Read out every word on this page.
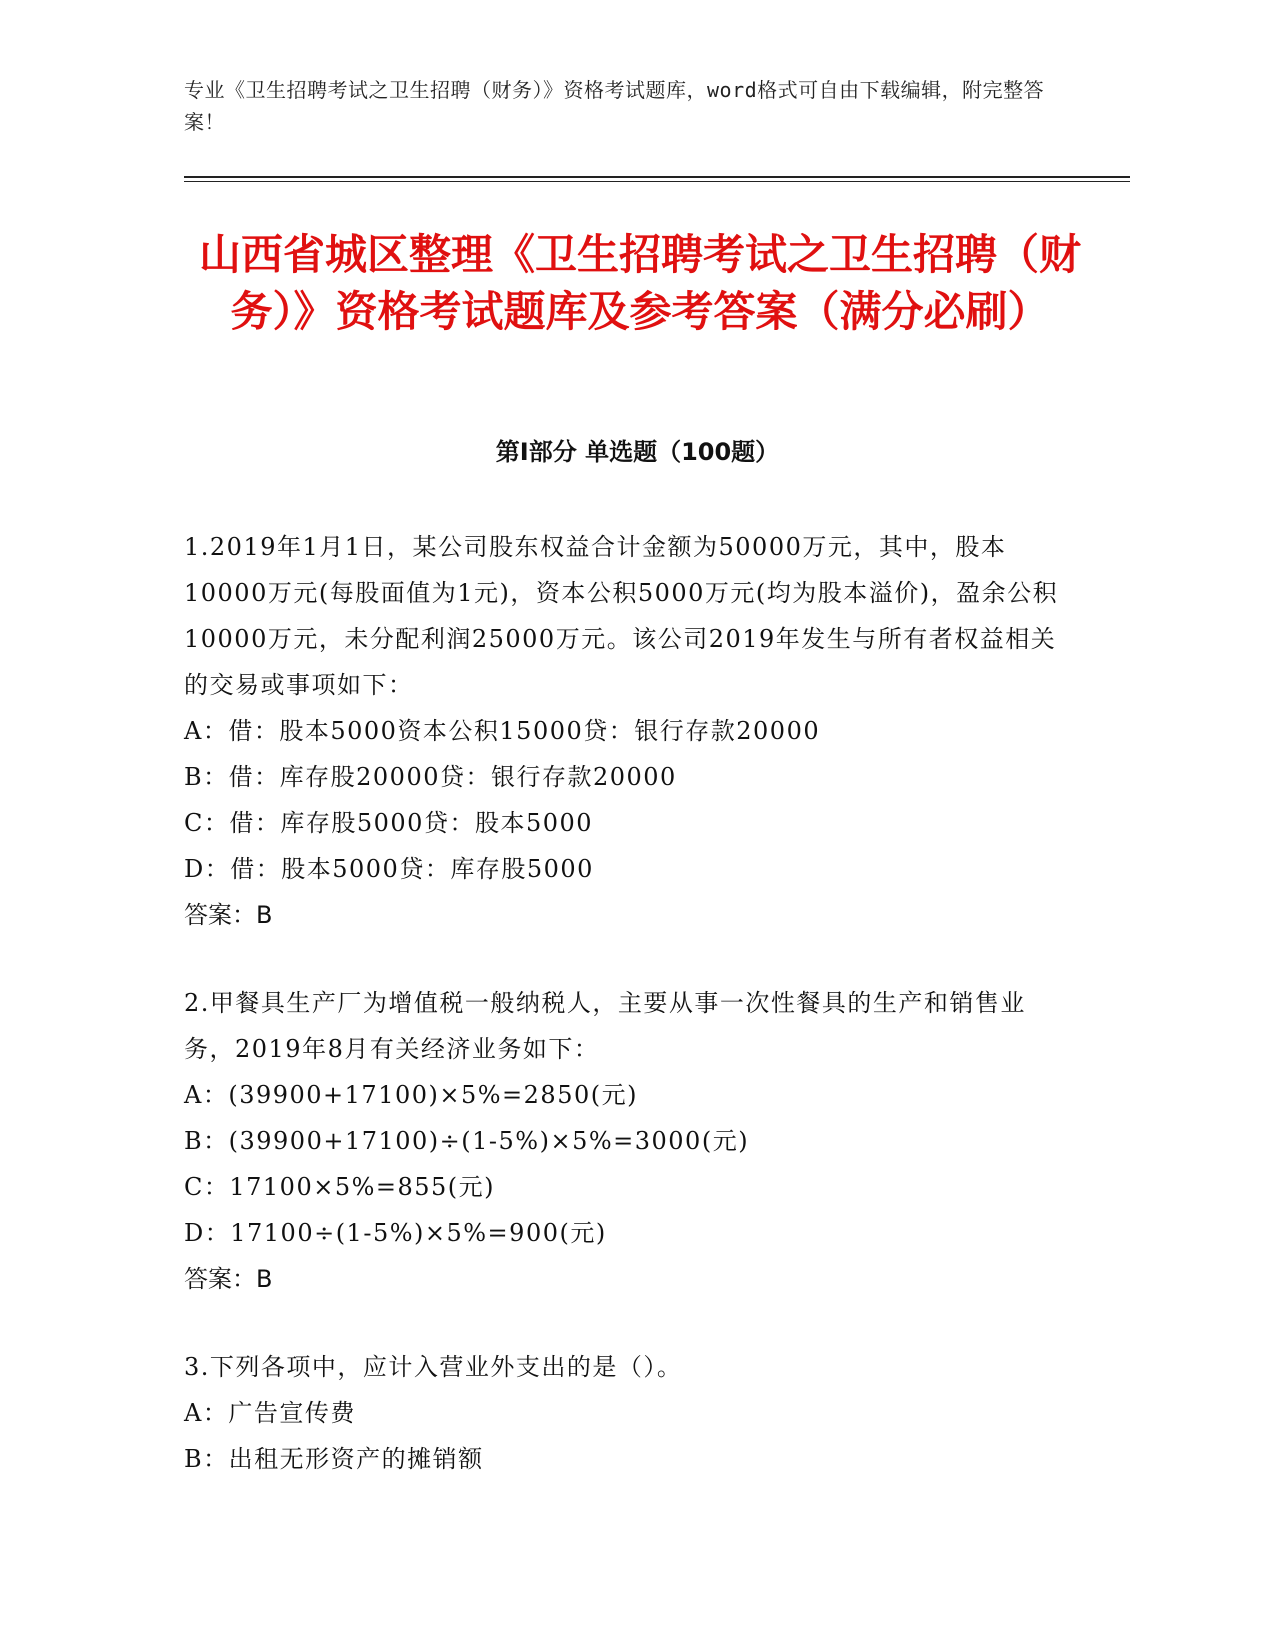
专业《卫生招聘考试之卫生招聘（财务）》资格考试题库，word格式可自由下载编辑，附完整答案！
山西省城区整理《卫生招聘考试之卫生招聘（财务）》资格考试题库及参考答案（满分必刷）
第Ⅰ部分 单选题（100题）
1.2019年1月1日，某公司股东权益合计金额为50000万元，其中，股本10000万元(每股面值为1元)，资本公积5000万元(均为股本溢价)，盈余公积10000万元，未分配利润25000万元。该公司2019年发生与所有者权益相关的交易或事项如下：
A：借：股本5000资本公积15000贷：银行存款20000
B：借：库存股20000贷：银行存款20000
C：借：库存股5000贷：股本5000
D：借：股本5000贷：库存股5000
答案：B
2.甲餐具生产厂为增值税一般纳税人，主要从事一次性餐具的生产和销售业务，2019年8月有关经济业务如下：
A：(39900+17100)×5%=2850(元)
B：(39900+17100)÷(1-5%)×5%=3000(元)
C：17100×5%=855(元)
D：17100÷(1-5%)×5%=900(元)
答案：B
3.下列各项中，应计入营业外支出的是（）。
A：广告宣传费
B：出租无形资产的摊销额
